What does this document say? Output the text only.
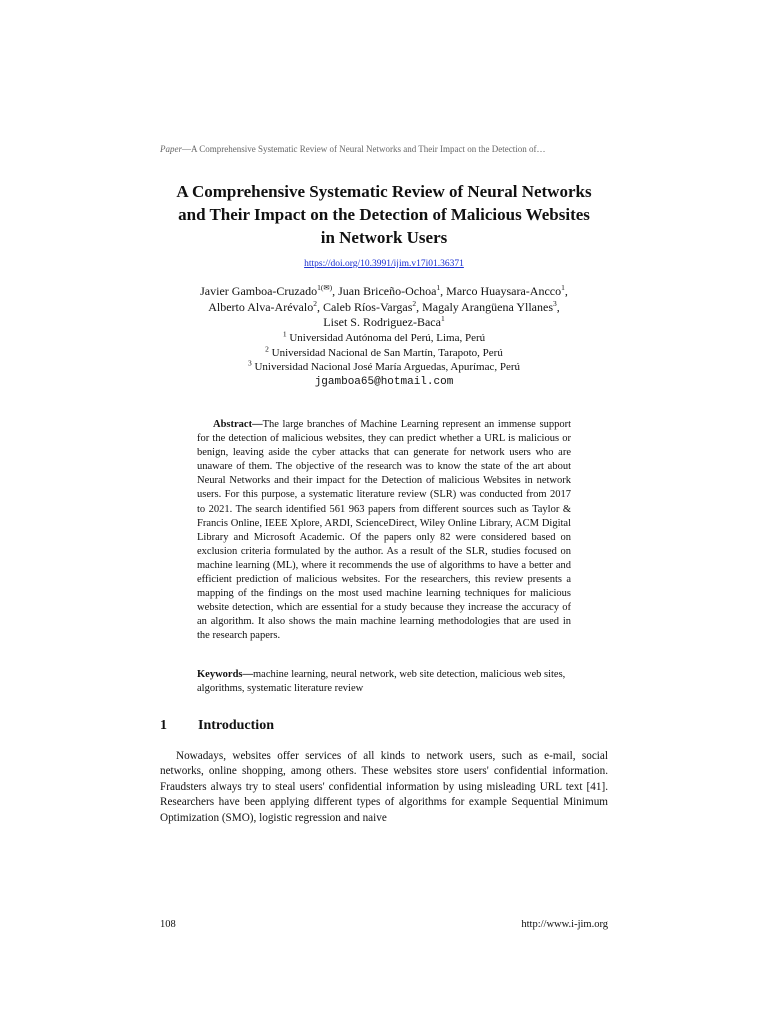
Paper—A Comprehensive Systematic Review of Neural Networks and Their Impact on the Detection of…
A Comprehensive Systematic Review of Neural Networks
and Their Impact on the Detection of Malicious Websites
in Network Users
https://doi.org/10.3991/ijim.v17i01.36371
Javier Gamboa-Cruzado$^{1(✉)}$, Juan Briceño-Ochoa$^1$, Marco Huaysara-Ancco$^1$,
Alberto Alva-Arévalo$^2$, Caleb Ríos-Vargas$^2$, Magaly Arangüena Yllanes$^3$,
Liset S. Rodriguez-Baca$^1$
$^1$ Universidad Autónoma del Perú, Lima, Perú
$^2$ Universidad Nacional de San Martín, Tarapoto, Perú
$^3$ Universidad Nacional José María Arguedas, Apurímac, Perú
jgamboa65@hotmail.com
Abstract—The large branches of Machine Learning represent an immense support for the detection of malicious websites, they can predict whether a URL is malicious or benign, leaving aside the cyber attacks that can generate for network users who are unaware of them. The objective of the research was to know the state of the art about Neural Networks and their impact for the Detection of malicious Websites in network users. For this purpose, a systematic literature review (SLR) was conducted from 2017 to 2021. The search identified 561 963 papers from different sources such as Taylor & Francis Online, IEEE Xplore, ARDI, ScienceDirect, Wiley Online Library, ACM Digital Library and Microsoft Academic. Of the papers only 82 were considered based on exclusion criteria formulated by the author. As a result of the SLR, studies focused on machine learning (ML), where it recommends the use of algorithms to have a better and efficient prediction of malicious websites. For the researchers, this review presents a mapping of the findings on the most used machine learning techniques for malicious website detection, which are essential for a study because they increase the accuracy of an algorithm. It also shows the main machine learning methodologies that are used in the research papers.
Keywords—machine learning, neural network, web site detection, malicious web sites, algorithms, systematic literature review
1 Introduction
Nowadays, websites offer services of all kinds to network users, such as e-mail, social networks, online shopping, among others. These websites store users' confidential information. Fraudsters always try to steal users' confidential information by using misleading URL text [41]. Researchers have been applying different types of algorithms for example Sequential Minimum Optimization (SMO), logistic regression and naive
108	http://www.i-jim.org
